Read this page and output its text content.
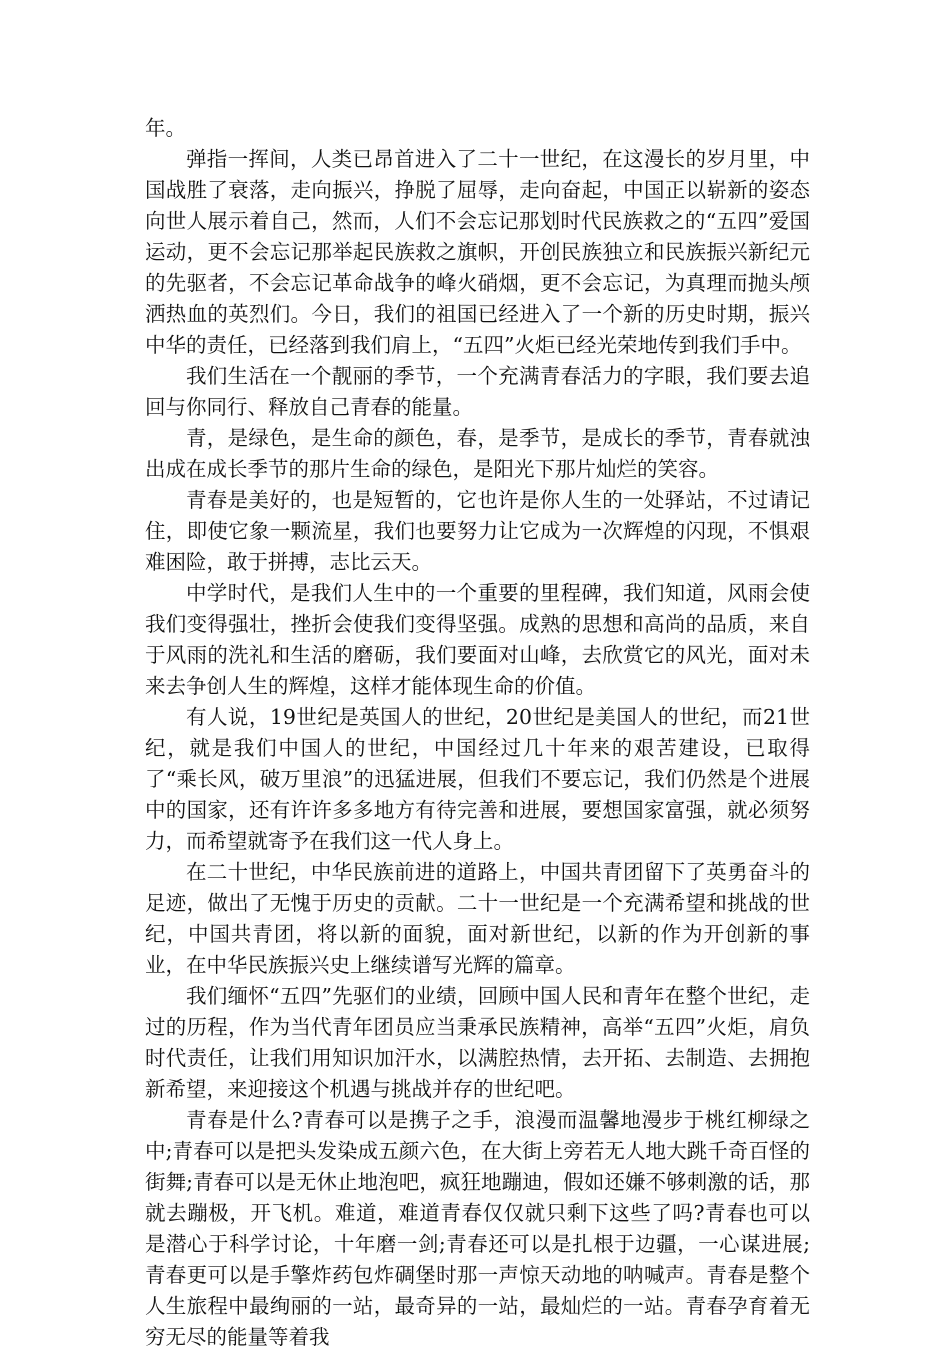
年。

弹指一挥间，人类已昂首进入了二十一世纪，在这漫长的岁月里，中国战胜了衰落，走向振兴，挣脱了屈辱，走向奋起，中国正以崭新的姿态向世人展示着自己，然而，人们不会忘记那划时代民族救之的“五四”爱国运动，更不会忘记那举起民族救之旗帜，开创民族独立和民族振兴新纪元的先驱者，不会忘记革命战争的峰火硝烟，更不会忘记，为真理而抛头颅洒热血的英烈们。今日，我们的祖国已经进入了一个新的历史时期，振兴中华的责任，已经落到我们肩上，“五四”火炬已经光荣地传到我们手中。

我们生活在一个靓丽的季节，一个充满青春活力的字眼，我们要去追回与你同行、释放自己青春的能量。

青，是绿色，是生命的颜色，春，是季节，是成长的季节，青春就浊出成在成长季节的那片生命的绿色，是阳光下那片灿烂的笑容。

青春是美好的，也是短暂的，它也许是你人生的一处驿站，不过请记住，即使它象一颗流星，我们也要努力让它成为一次辉煌的闪现，不惧艰难困险，敢于拼搏，志比云天。

中学时代，是我们人生中的一个重要的里程碑，我们知道，风雨会使我们变得强壮，挫折会使我们变得坚强。成熟的思想和高尚的品质，来自于风雨的洗礼和生活的磨砺，我们要面对山峰，去欣赏它的风光，面对未来去争创人生的辉煌，这样才能体现生命的价值。

有人说，19世纪是英国人的世纪，20世纪是美国人的世纪，而21世纪，就是我们中国人的世纪，中国经过几十年来的艰苦建设，已取得了“乘长风，破万里浪”的迅猛进展，但我们不要忘记，我们仍然是个进展中的国家，还有许许多多地方有待完善和进展，要想国家富强，就必须努力，而希望就寄予在我们这一代人身上。

在二十世纪，中华民族前进的道路上，中国共青团留下了英勇奋斗的足迹，做出了无愧于历史的贡献。二十一世纪是一个充满希望和挑战的世纪，中国共青团，将以新的面貌，面对新世纪，以新的作为开创新的事业，在中华民族振兴史上继续谱写光辉的篇章。

我们缅怀“五四”先驱们的业绩，回顾中国人民和青年在整个世纪，走过的历程，作为当代青年团员应当秉承民族精神，高举“五四”火炬，肩负时代责任，让我们用知识加汗水，以满腔热情，去开拓、去制造、去拥抱新希望，来迎接这个机遇与挑战并存的世纪吧。

青春是什么?青春可以是携子之手，浪漫而温馨地漫步于桃红柳绿之中;青春可以是把头发染成五颜六色，在大街上旁若无人地大跳千奇百怪的街舞;青春可以是无休止地泡吧，疯狂地蹦迪，假如还嫌不够刺激的话，那就去蹦极，开飞机。难道，难道青春仅仅就只剩下这些了吗?青春也可以是潜心于科学讨论，十年磨一剑;青春还可以是扎根于边疆，一心谋进展;青春更可以是手擎炸药包炸碉堡时那一声惊天动地的呐喊声。青春是整个人生旅程中最绚丽的一站，最奇异的一站，最灿烂的一站。青春孕育着无穷无尽的能量等着我
